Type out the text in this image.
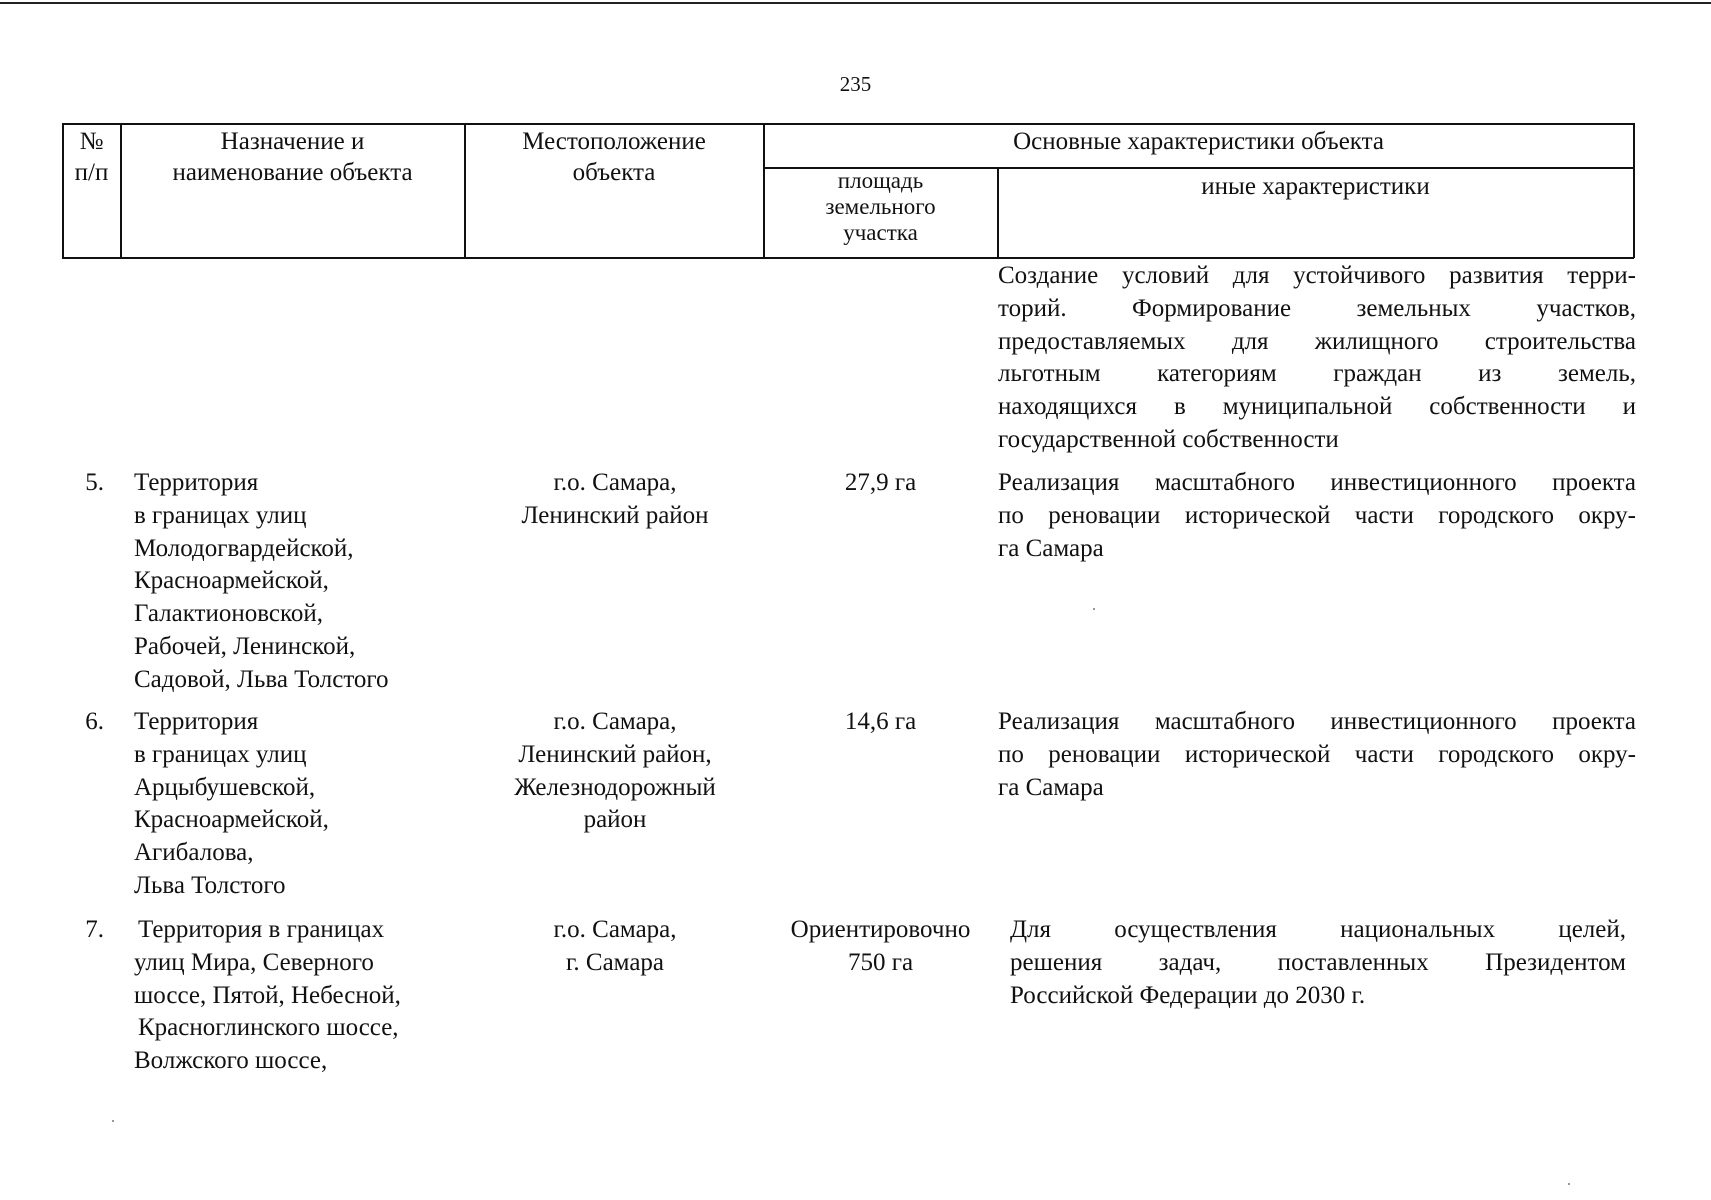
235
№
п/п
Назначение и
наименование объекта
Местоположение
объекта
Основные характеристики объекта
площадь
земельного
участка
иные характеристики
Создание условий для устойчивого развития терри-
торий. Формирование земельных участков,
предоставляемых для жилищного строительства
льготным категориям граждан из земель,
находящихся в муниципальной собственности и
государственной собственности
5. Территория
в границах улиц
Молодогвардейской,
Красноармейской,
Галактионовской,
Рабочей, Ленинской,
Садовой, Льва Толстого
г.о. Самара,
Ленинский район
27,9 га	Реализация масштабного инвестиционного проекта
по реновации исторической части городского окру-
га Самара
6. Территория
в границах улиц
Арцыбушевской,
Красноармейской,
Агибалова,
Льва Толстого
г.о. Самара,
Ленинский район,
Железнодорожный
район
14,6 га	Реализация масштабного инвестиционного проекта
по реновации исторической части городского окру-
га Самара
7. Территория в границах
улиц Мира, Северного
шоссе, Пятой, Небесной,
Красноглинского шоссе,
Волжского шоссе,
г.о. Самара,
г. Самара
Ориентировочно
750 га
Для осуществления национальных целей,
решения задач, поставленных Президентом
Российской Федерации до 2030 г.
